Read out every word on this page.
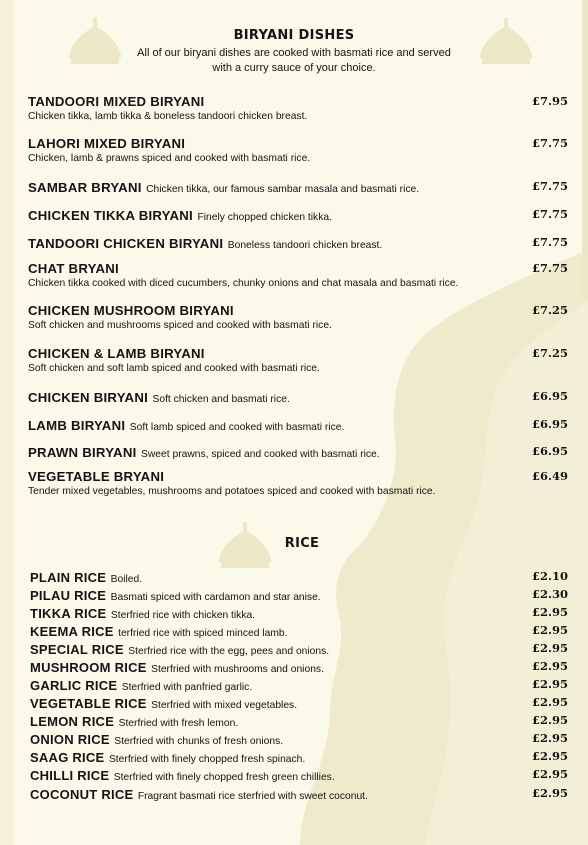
BIRYANI DISHES
All of our biryani dishes are cooked with basmati rice and served
with a curry sauce of your choice.
TANDOORI MIXED BIRYANI
Chicken tikka, lamb tikka & boneless tandoori chicken breast.
£7.95
LAHORI MIXED BIRYANI
Chicken, lamb & prawns spiced and cooked with basmati rice.
£7.75
SAMBAR BRYANI Chicken tikka, our famous sambar masala and basmati rice.	£7.75
CHICKEN TIKKA BIRYANI Finely chopped chicken tikka.	£7.75
TANDOORI CHICKEN BIRYANI Boneless tandoori chicken breast.	£7.75
CHAT BRYANI
Chicken tikka cooked with diced cucumbers, chunky onions and chat masala and basmati rice.
£7.75
CHICKEN MUSHROOM BIRYANI
Soft chicken and mushrooms spiced and cooked with basmati rice.
£7.25
CHICKEN & LAMB BIRYANI
Soft chicken and soft lamb spiced and cooked with basmati rice.
£7.25
CHICKEN BIRYANI Soft chicken and basmati rice.	£6.95
LAMB BIRYANI Soft lamb spiced and cooked with basmati rice.	£6.95
PRAWN BIRYANI Sweet prawns, spiced and cooked with basmati rice.	£6.95
VEGETABLE BRYANI
Tender mixed vegetables, mushrooms and potatoes spiced and cooked with basmati rice.
£6.49
RICE
PLAIN RICE Boiled.	£2.10
PILAU RICE Basmati spiced with cardamon and star anise.	£2.30
TIKKA RICE Sterfried rice with chicken tikka.	£2.95
KEEMA RICE terfried rice with spiced minced lamb.	£2.95
SPECIAL RICE Sterfried rice with the egg, pees and onions.	£2.95
MUSHROOM RICE Sterfried with mushrooms and onions.	£2.95
GARLIC RICE Sterfried with panfried garlic.	£2.95
VEGETABLE RICE Sterfried with mixed vegetables.	£2.95
LEMON RICE Sterfried with fresh lemon.	£2.95
ONION RICE Sterfried with chunks of fresh onions.	£2.95
SAAG RICE Sterfried with finely chopped fresh spinach.	£2.95
CHILLI RICE Sterfried with finely chopped fresh green chillies.	£2.95
COCONUT RICE Fragrant basmati rice sterfried with sweet coconut.	£2.95
